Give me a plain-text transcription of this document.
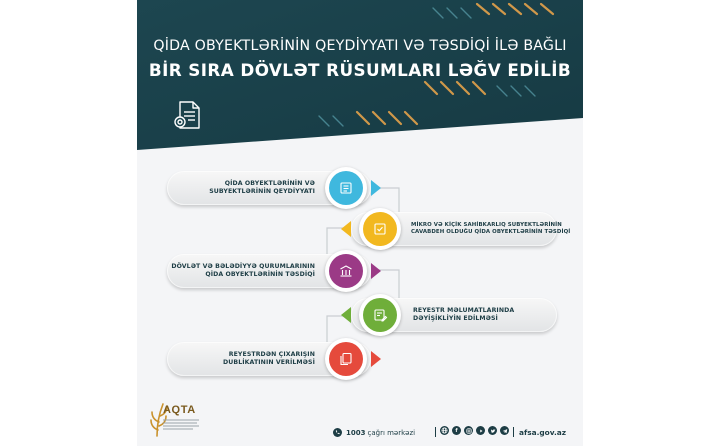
QİDA OBYEKTLƏRİNİN QEYDİYYATI VƏ TƏSDİQİ İLƏ BAĞLI
BİR SIRA DÖVLƏT RÜSUMLARI LƏĞV EDİLİB
QİDA OBYEKTLƏRİNİN VƏ
SUBYEKTLƏRİNİN QEYDİYYATI
MİKRO VƏ KİÇİK SAHİBKARLIQ SUBYEKTLƏRİNİN
CAVABDEH OLDUĞU QİDA OBYEKTLƏRİNİN TƏSDİQİ
DÖVLƏT VƏ BƏLƏDİYYƏ QURUMLARININ
QİDA OBYEKTLƏRİNİN TƏSDİQİ
REYESTR MƏLUMATLARINDA
DƏYİŞİKLİYİN EDİLMƏSİ
REYESTRDƏN ÇIXARIŞIN
DUBLİKATININ VERİLMƏSİ
AQTA
1003 çağrı mərkəzi	f	afsa.gov.az
